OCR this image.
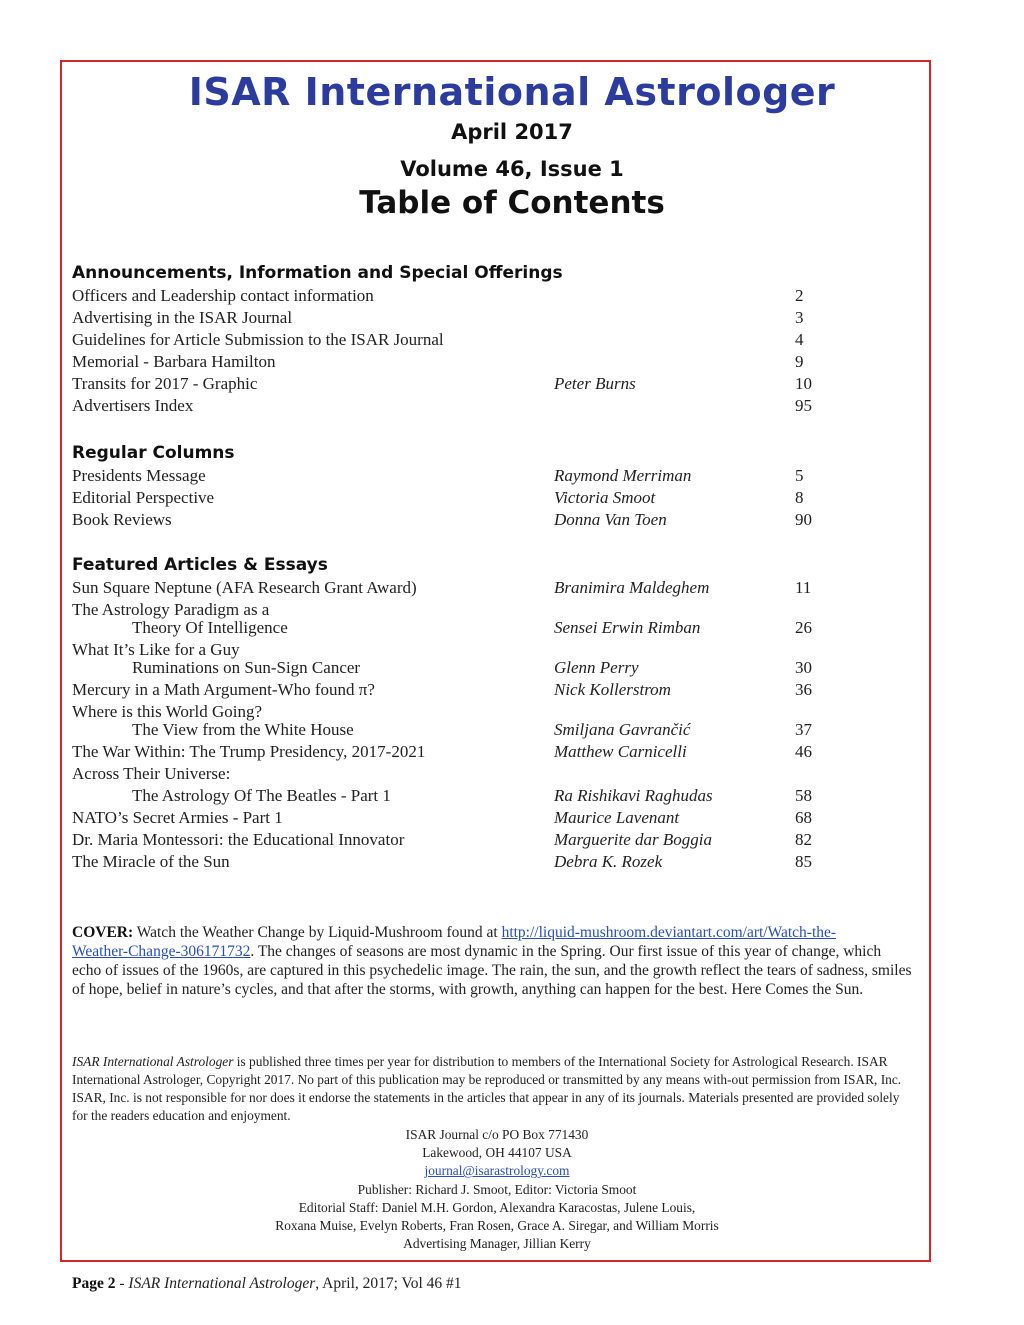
ISAR International Astrologer
April 2017
Volume 46, Issue 1
Table of Contents
Announcements, Information and Special Offerings
Officers and Leadership contact information	2
Advertising in the ISAR Journal	3
Guidelines for Article Submission to the ISAR Journal	4
Memorial - Barbara Hamilton	9
Transits for 2017 - Graphic	Peter Burns	10
Advertisers Index	95
Regular Columns
Presidents Message	Raymond Merriman	5
Editorial Perspective	Victoria Smoot	8
Book Reviews	Donna Van Toen	90
Featured Articles & Essays
Sun Square Neptune (AFA Research Grant Award)	Branimira Maldeghem	11
The Astrology Paradigm as a
Theory Of Intelligence	Sensei Erwin Rimban	26
What It’s Like for a Guy
Ruminations on Sun-Sign Cancer	Glenn Perry	30
Mercury in a Math Argument-Who found π?	Nick Kollerstrom	36
Where is this World Going?
The View from the White House	Smiljana Gavrančić	37
The War Within: The Trump Presidency, 2017-2021	Matthew Carnicelli	46
Across Their Universe:
The Astrology Of The Beatles - Part 1	Ra Rishikavi Raghudas	58
NATO’s Secret Armies - Part 1	Maurice Lavenant	68
Dr. Maria Montessori: the Educational Innovator	Marguerite dar Boggia	82
The Miracle of the Sun	Debra K. Rozek	85
COVER: Watch the Weather Change by Liquid-Mushroom found at http://liquid-mushroom.deviantart.com/art/Watch-the-
Weather-Change-306171732. The changes of seasons are most dynamic in the Spring. Our first issue of this year of change, which echo of issues of the 1960s, are captured in this psychedelic image. The rain, the sun, and the growth reflect the tears of sadness, smiles of hope, belief in nature’s cycles, and that after the storms, with growth, anything can happen for the best. Here Comes the Sun.
ISAR International Astrologer is published three times per year for distribution to members of the International Society for Astrological Research. ISAR International Astrologer, Copyright 2017. No part of this publication may be reproduced or transmitted by any means with-out permission from ISAR, Inc. ISAR, Inc. is not responsible for nor does it endorse the statements in the articles that appear in any of its journals. Materials presented are provided solely for the readers education and enjoyment.
ISAR Journal c/o PO Box 771430
Lakewood, OH 44107 USA
journal@isarastrology.com
Publisher: Richard J. Smoot, Editor: Victoria Smoot
Editorial Staff: Daniel M.H. Gordon, Alexandra Karacostas, Julene Louis,
Roxana Muise, Evelyn Roberts, Fran Rosen, Grace A. Siregar, and William Morris
Advertising Manager, Jillian Kerry
Page 2 - ISAR International Astrologer, April, 2017; Vol 46 #1
